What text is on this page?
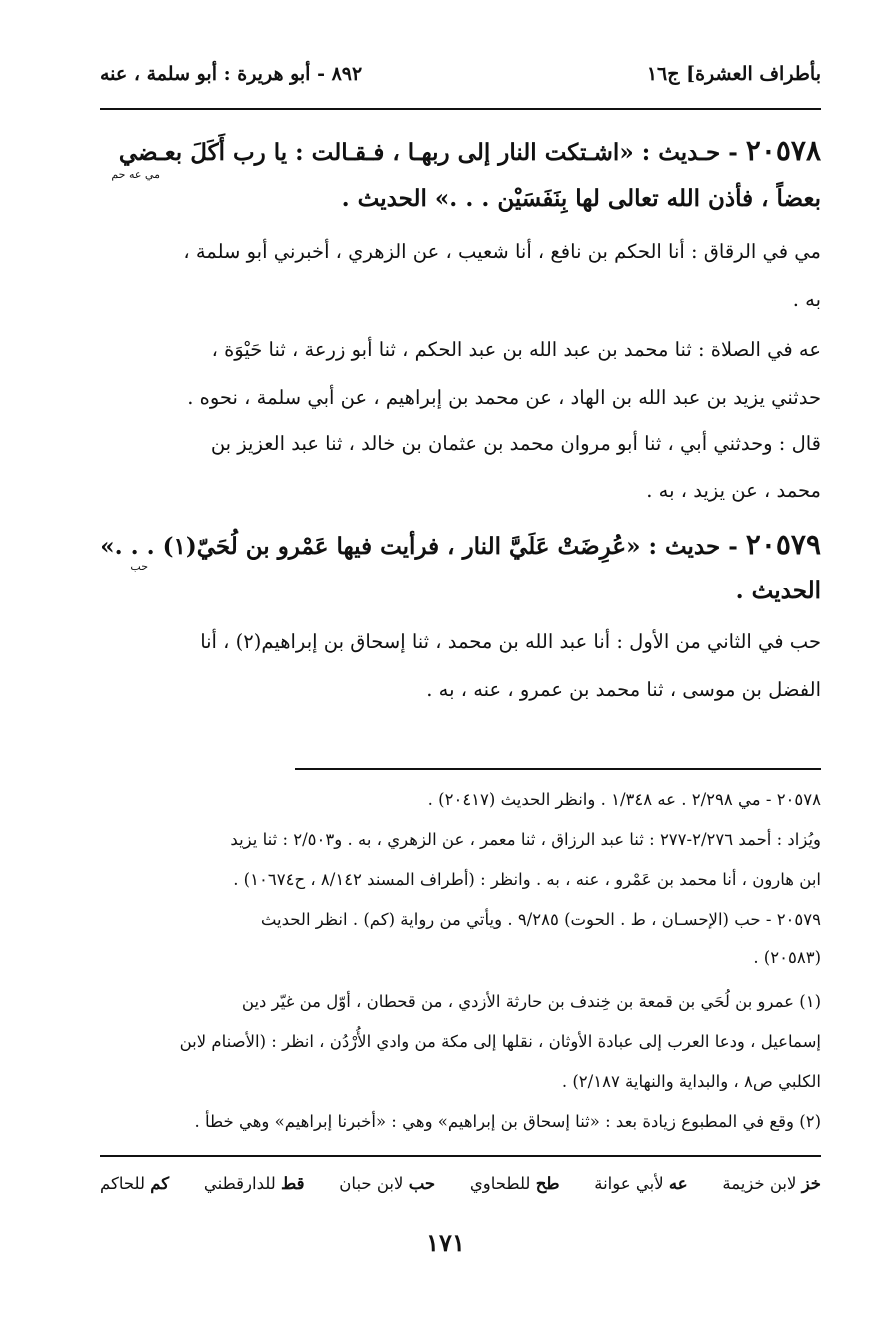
بأطراف العشرة] ج١٦
٨٩٢ - أبو هريرة : أبو سلمة ، عنه
٢٠٥٧٨ - حـديث : «اشـتكت النار إلى ربهـا ، فـقـالت : يا رب أَكَلَ بعـضي
مي عه حم
بعضاً ، فأذن الله تعالى لها بِنَفَسَيْن . . .» الحديث .
مي في الرقاق : أنا الحكم بن نافع ، أنا شعيب ، عن الزهري ، أخبرني أبو سلمة ،
به .
عه في الصلاة : ثنا محمد بن عبد الله بن عبد الحكم ، ثنا أبو زرعة ، ثنا حَيْوَة ،
حدثني يزيد بن عبد الله بن الهاد ، عن محمد بن إبراهيم ، عن أبي سلمة ، نحوه .
قال : وحدثني أبي ، ثنا أبو مروان محمد بن عثمان بن خالد ، ثنا عبد العزيز بن
محمد ، عن يزيد ، به .
٢٠٥٧٩ - حديث : «عُرِضَتْ عَلَيَّ النار ، فرأيت فيها عَمْرو بن لُحَيّ(١) . . .»
حب
الحديث .
حب في الثاني من الأول : أنا عبد الله بن محمد ، ثنا إسحاق بن إبراهيم(٢) ، أنا
الفضل بن موسى ، ثنا محمد بن عمرو ، عنه ، به .
٢٠٥٧٨ - مي ٢/٢٩٨ . عه ١/٣٤٨ . وانظر الحديث (٢٠٤١٧) .
ويُزاد : أحمد ٢/٢٧٦-٢٧٧ : ثنا عبد الرزاق ، ثنا معمر ، عن الزهري ، به . و٢/٥٠٣ : ثنا يزيد
ابن هارون ، أنا محمد بن عَمْرو ، عنه ، به . وانظر : (أطراف المسند ٨/١٤٢ ، ح١٠٦٧٤) .
٢٠٥٧٩ - حب (الإحسـان ، ط . الحوت) ٩/٢٨٥ . ويأتي من رواية (كم) . انظر الحديث
(٢٠٥٨٣) .
(١) عمرو بن لُحَي بن قمعة بن خِندف بن حارثة الأزدي ، من قحطان ، أوّل من غيّر دين
إسماعيل ، ودعا العرب إلى عبادة الأوثان ، نقلها إلى مكة من وادي الأُرْدُن ، انظر : (الأصنام لابن
الكلبي ص٨ ، والبداية والنهاية ٢/١٨٧) .
(٢) وقع في المطبوع زيادة بعد : «ثنا إسحاق بن إبراهيم» وهي : «أخبرنا إبراهيم» وهي خطأ .
خز لابن خزيمة
عه لأبي عوانة
طح للطحاوي
حب لابن حبان
قط للدارقطني
كم للحاكم
١٧١
